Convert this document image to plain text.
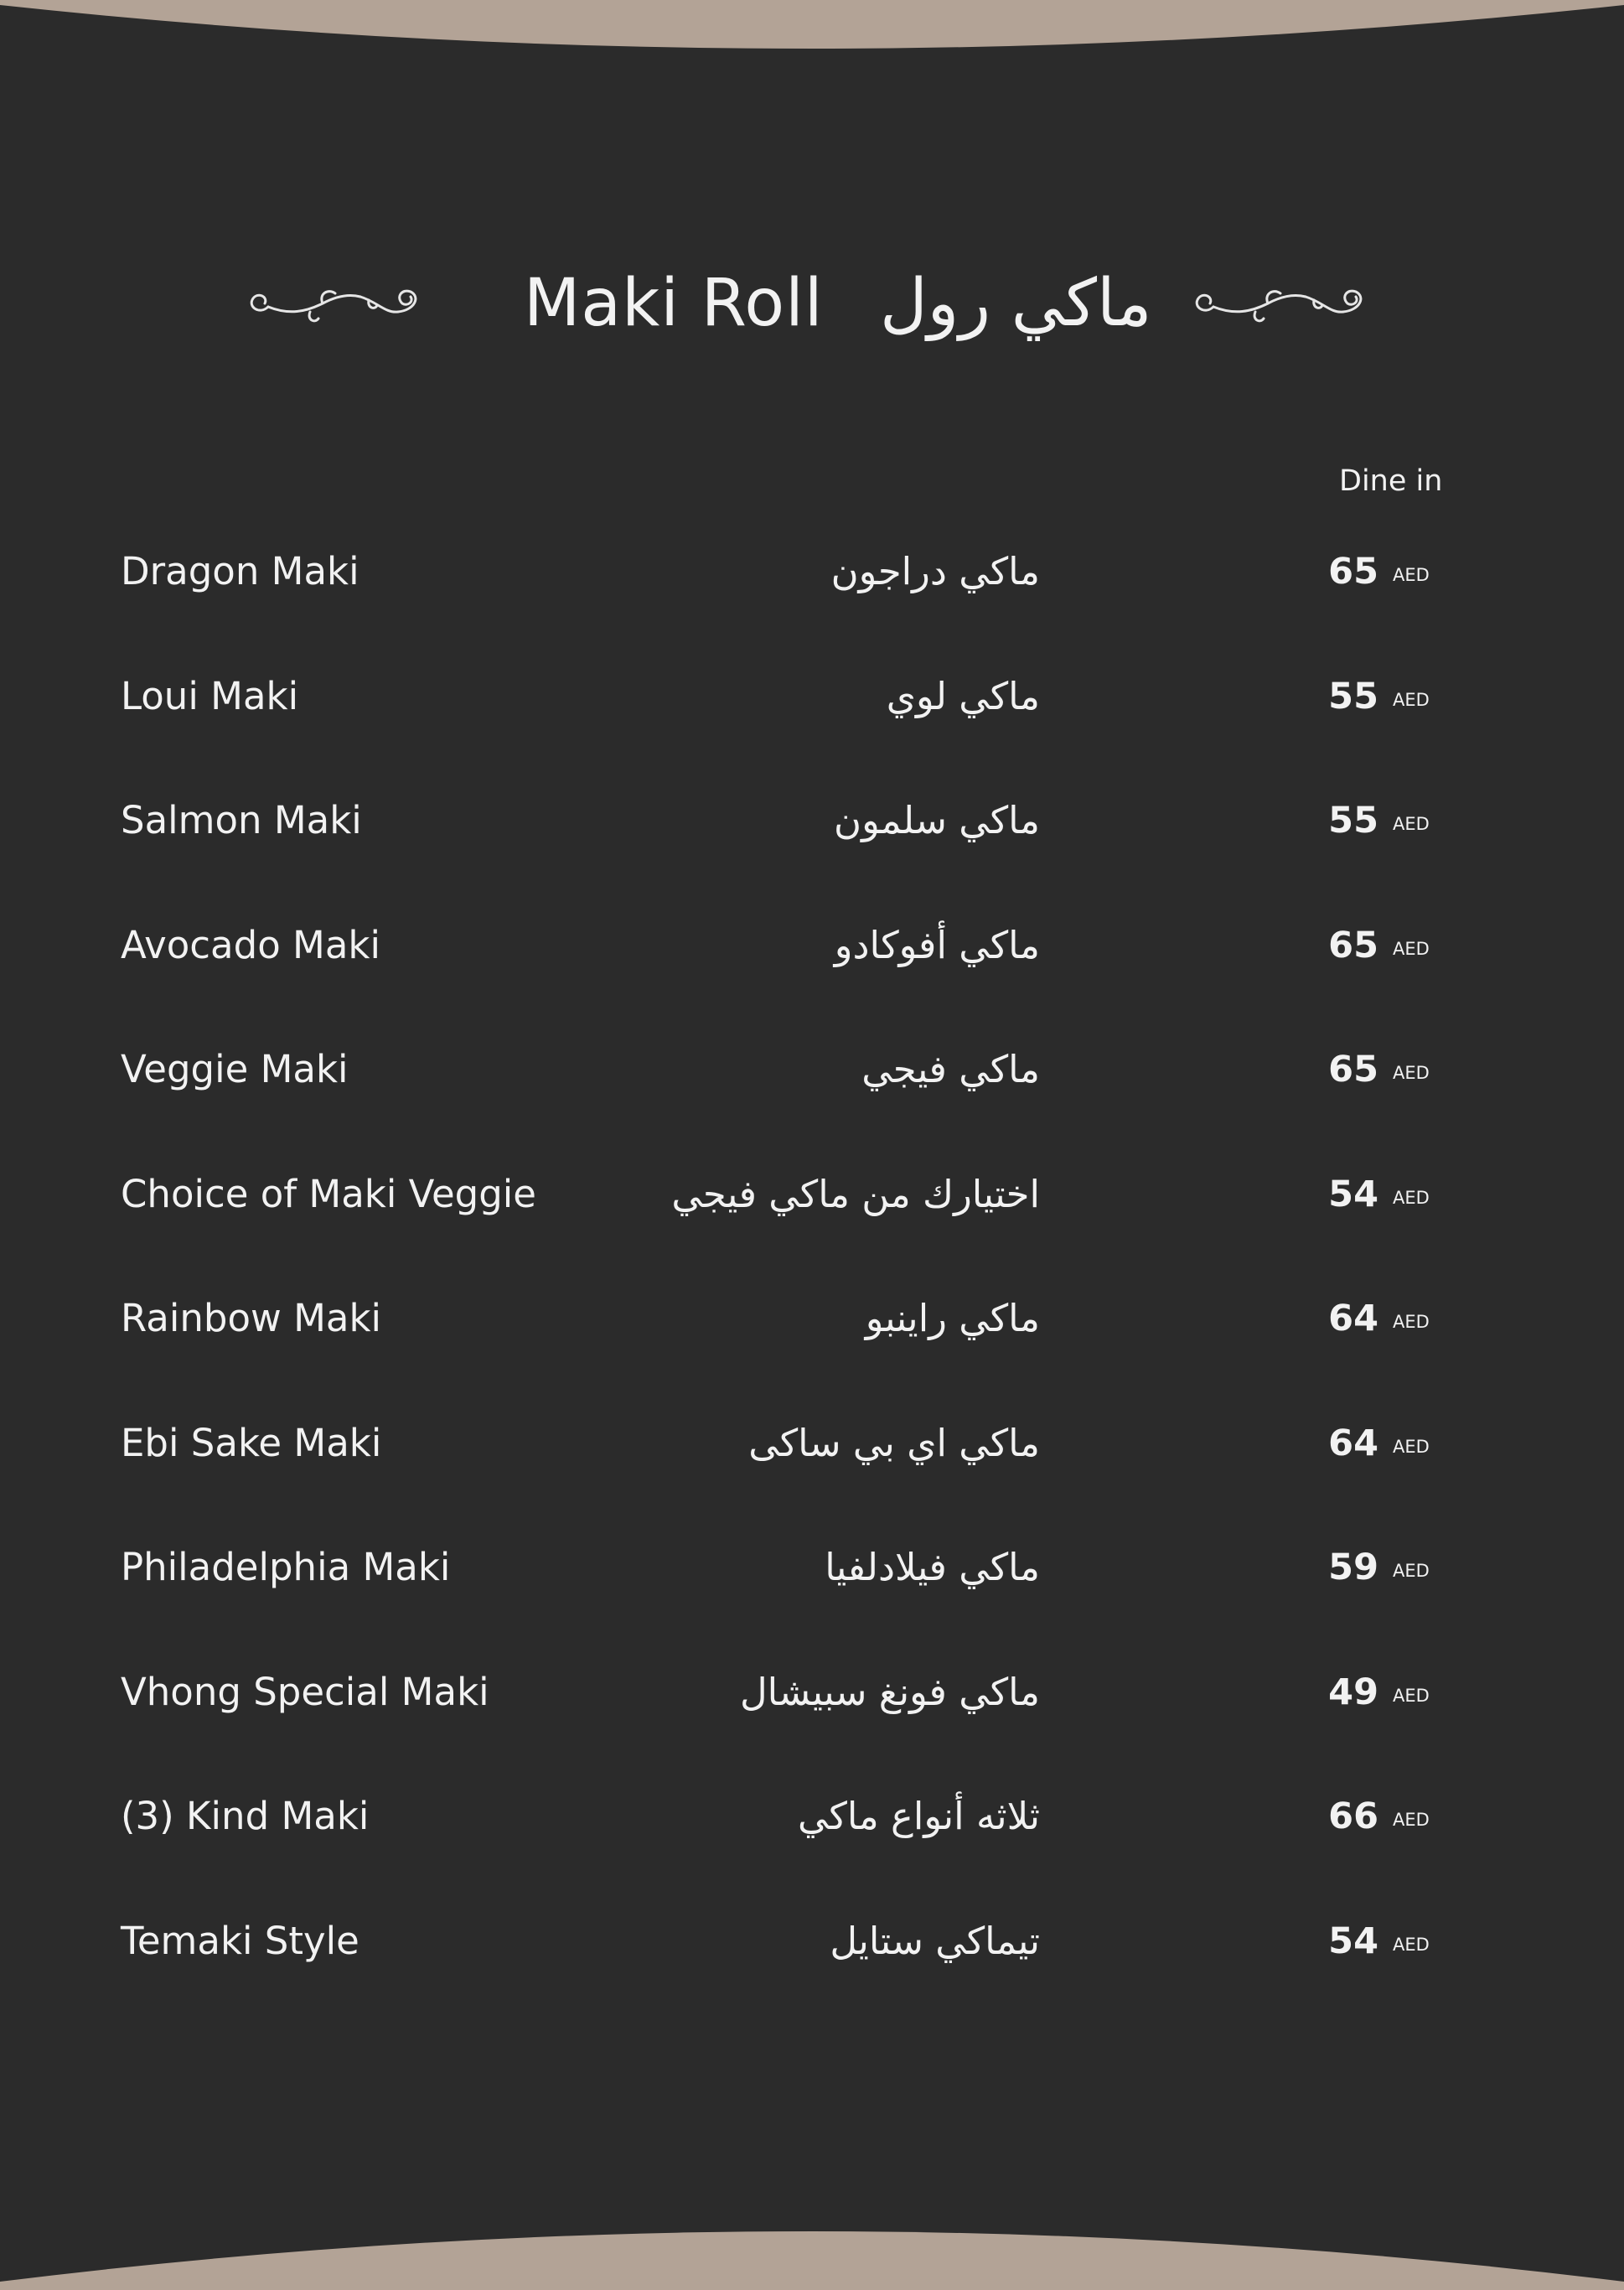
Maki Roll ماكي رول
Dine in
Dragon Maki	ماكي دراجون	65 AED
Loui Maki	ماكي لوي	55 AED
Salmon Maki	ماكي سلمون	55 AED
Avocado Maki	ماكي أفوكادو	65 AED
Veggie Maki	ماكي فيجي	65 AED
Choice of Maki Veggie	اختيارك من ماكي فيجي	54 AED
Rainbow Maki	ماكي راينبو	64 AED
Ebi Sake Maki	ماكي اي بي ساكى	64 AED
Philadelphia Maki	ماكي فيلادلفيا	59 AED
Vhong Special Maki	ماكي فونغ سبيشال	49 AED
(3) Kind Maki	ثلاثه أنواع ماكي	66 AED
Temaki Style	تيماكي ستايل	54 AED
